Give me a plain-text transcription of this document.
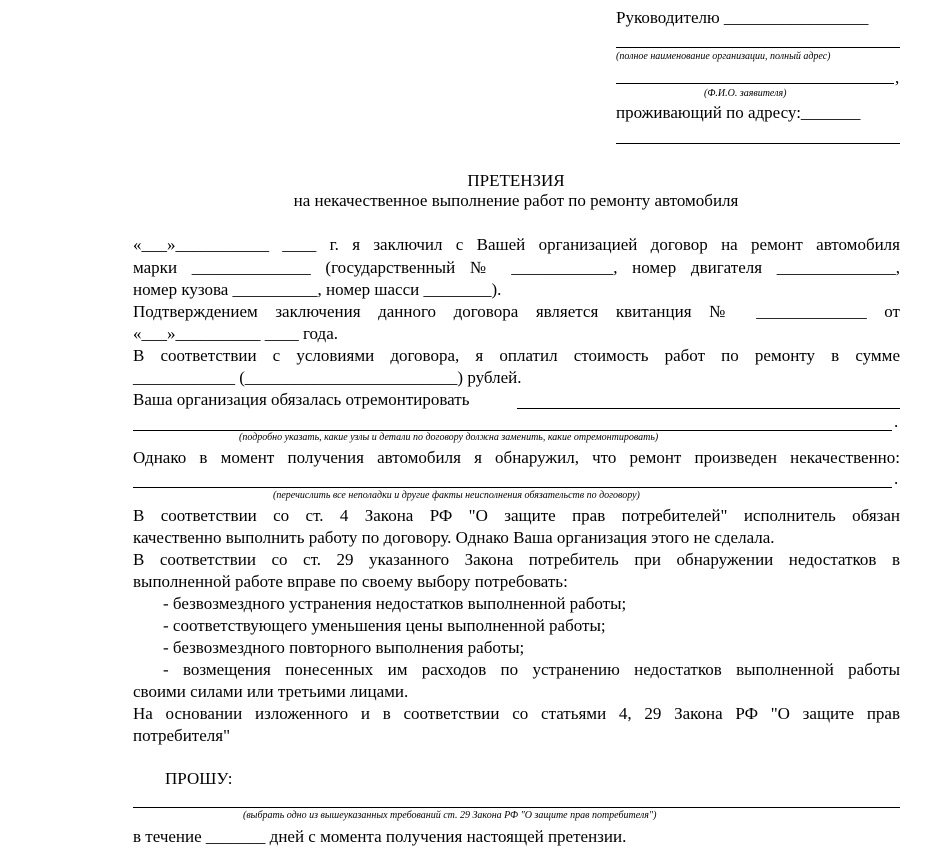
Руководителю _________________
(полное наименование организации, полный адрес)
,
(Ф.И.О. заявителя)
проживающий по адресу:_______
ПРЕТЕНЗИЯ
на некачественное выполнение работ по ремонту автомобиля
«___»___________ ____ г. я заключил с Вашей организацией договор на ремонт автомобиля
марки ______________ (государственный № ____________, номер двигателя ______________,
номер кузова __________, номер шасси ________).
Подтверждением заключения данного договора является квитанция № _____________ от
«___»__________ ____ года.
В соответствии с условиями договора, я оплатил стоимость работ по ремонту в сумме
____________ (_________________________) рублей.
Ваша организация обязалась отремонтировать
.
(подробно указать, какие узлы и детали по договору должна заменить, какие отремонтировать)
Однако в момент получения автомобиля я обнаружил, что ремонт произведен некачественно:
.
(перечислить все неполадки и другие факты неисполнения обязательств по договору)
В соответствии со ст. 4 Закона РФ "О защите прав потребителей" исполнитель обязан
качественно выполнить работу по договору. Однако Ваша организация этого не сделала.
В соответствии со ст. 29 указанного Закона потребитель при обнаружении недостатков в
выполненной работе вправе по своему выбору потребовать:
- безвозмездного устранения недостатков выполненной работы;
- соответствующего уменьшения цены выполненной работы;
- безвозмездного повторного выполнения работы;
- возмещения понесенных им расходов по устранению недостатков выполненной работы
своими силами или третьими лицами.
На основании изложенного и в соответствии со статьями 4, 29 Закона РФ "О защите прав
потребителя"
ПРОШУ:
(выбрать одно из вышеуказанных требований ст. 29 Закона РФ "О защите прав потребителя")
в течение _______ дней с момента получения настоящей претензии.
